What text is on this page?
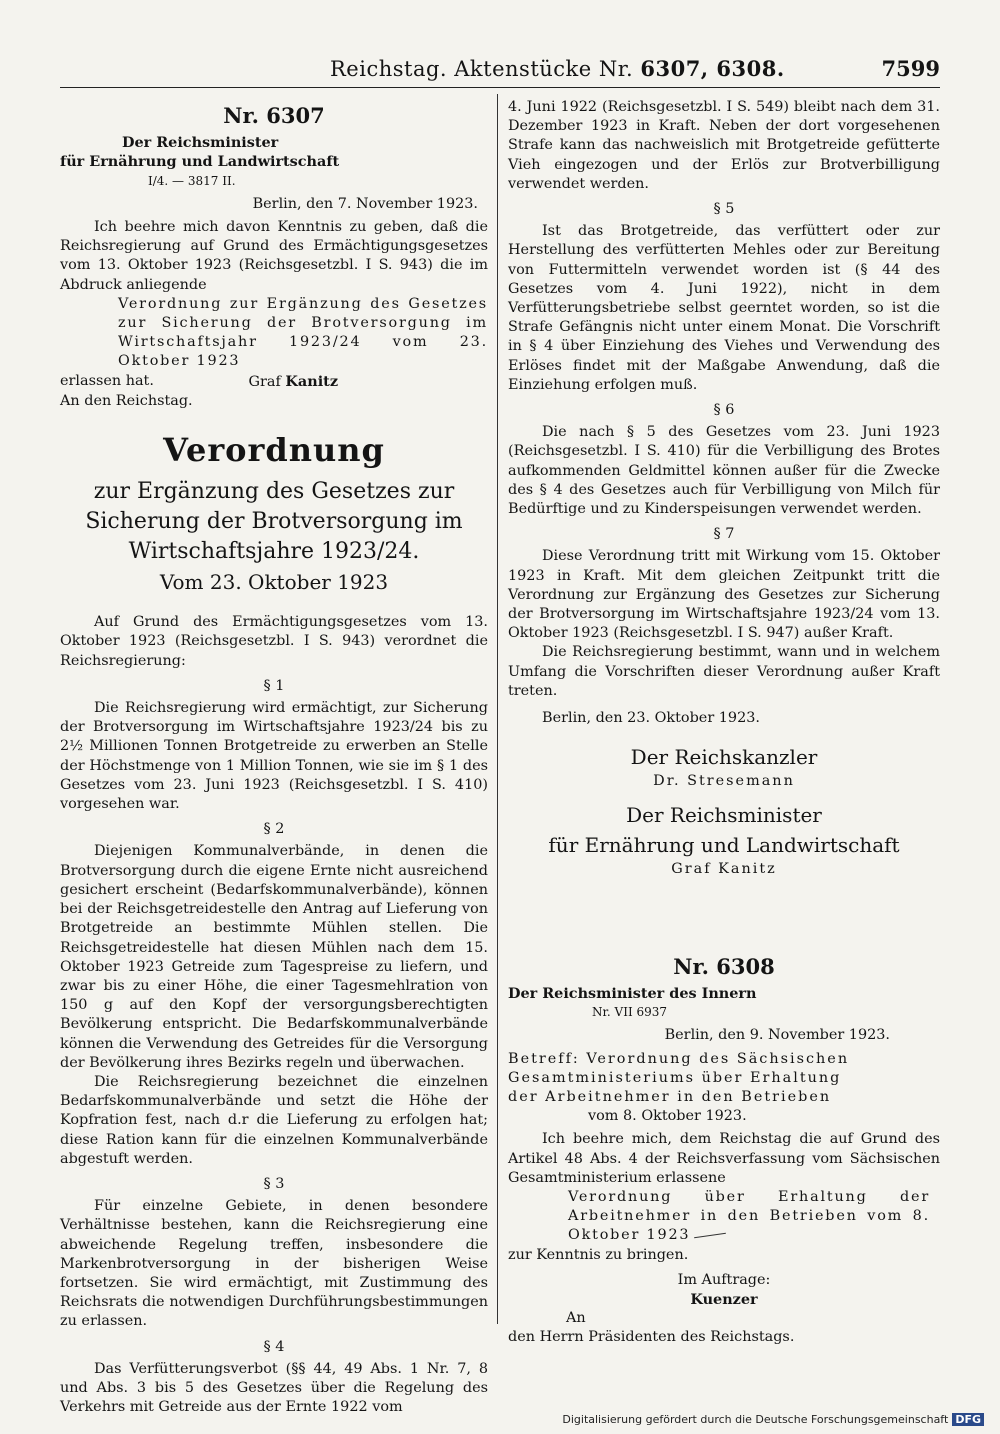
Reichstag. Aktenstücke Nr. 6307, 6308.	7599

Nr. 6307

Der Reichsminister

für Ernährung und Landwirtschaft

I/4. — 3817 II.

Berlin, den 7. November 1923.

Ich beehre mich davon Kenntnis zu geben, daß die Reichsregierung auf Grund des Ermächtigungsgesetzes vom 13. Oktober 1923 (Reichsgesetzbl. I S. 943) die im Abdruck anliegende

Verordnung zur Ergänzung des Gesetzes zur Sicherung der Brotversorgung im Wirtschaftsjahr 1923/24 vom 23. Oktober 1923

erlassen hat.	Graf Kanitz

An den Reichstag.

Verordnung

zur Ergänzung des Gesetzes zur Sicherung der Brotversorgung im Wirtschaftsjahre 1923/24.

Vom 23. Oktober 1923

Auf Grund des Ermächtigungsgesetzes vom 13. Oktober 1923 (Reichsgesetzbl. I S. 943) verordnet die Reichsregierung:

§ 1

Die Reichsregierung wird ermächtigt, zur Sicherung der Brotversorgung im Wirtschaftsjahre 1923/24 bis zu 2½ Millionen Tonnen Brotgetreide zu erwerben an Stelle der Höchstmenge von 1 Million Tonnen, wie sie im § 1 des Gesetzes vom 23. Juni 1923 (Reichsgesetzbl. I S. 410) vorgesehen war.

§ 2

Diejenigen Kommunalverbände, in denen die Brotversorgung durch die eigene Ernte nicht ausreichend gesichert erscheint (Bedarfskommunalverbände), können bei der Reichsgetreidestelle den Antrag auf Lieferung von Brotgetreide an bestimmte Mühlen stellen. Die Reichsgetreidestelle hat diesen Mühlen nach dem 15. Oktober 1923 Getreide zum Tagespreise zu liefern, und zwar bis zu einer Höhe, die einer Tagesmehlration von 150 g auf den Kopf der versorgungsberechtigten Bevölkerung entspricht. Die Bedarfskommunalverbände können die Verwendung des Getreides für die Versorgung der Bevölkerung ihres Bezirks regeln und überwachen.

Die Reichsregierung bezeichnet die einzelnen Bedarfskommunalverbände und setzt die Höhe der Kopfration fest, nach d.r die Lieferung zu erfolgen hat; diese Ration kann für die einzelnen Kommunalverbände abgestuft werden.

§ 3

Für einzelne Gebiete, in denen besondere Verhältnisse bestehen, kann die Reichsregierung eine abweichende Regelung treffen, insbesondere die Markenbrotversorgung in der bisherigen Weise fortsetzen. Sie wird ermächtigt, mit Zustimmung des Reichsrats die notwendigen Durchführungsbestimmungen zu erlassen.

§ 4

Das Verfütterungsverbot (§§ 44, 49 Abs. 1 Nr. 7, 8 und Abs. 3 bis 5 des Gesetzes über die Regelung des Verkehrs mit Getreide aus der Ernte 1922 vom

4. Juni 1922 (Reichsgesetzbl. I S. 549) bleibt nach dem 31. Dezember 1923 in Kraft. Neben der dort vorgesehenen Strafe kann das nachweislich mit Brotgetreide gefütterte Vieh eingezogen und der Erlös zur Brotverbilligung verwendet werden.

§ 5

Ist das Brotgetreide, das verfüttert oder zur Herstellung des verfütterten Mehles oder zur Bereitung von Futtermitteln verwendet worden ist (§ 44 des Gesetzes vom 4. Juni 1922), nicht in dem Verfütterungsbetriebe selbst geerntet worden, so ist die Strafe Gefängnis nicht unter einem Monat. Die Vorschrift in § 4 über Einziehung des Viehes und Verwendung des Erlöses findet mit der Maßgabe Anwendung, daß die Einziehung erfolgen muß.

§ 6

Die nach § 5 des Gesetzes vom 23. Juni 1923 (Reichsgesetzbl. I S. 410) für die Verbilligung des Brotes aufkommenden Geldmittel können außer für die Zwecke des § 4 des Gesetzes auch für Verbilligung von Milch für Bedürftige und zu Kinderspeisungen verwendet werden.

§ 7

Diese Verordnung tritt mit Wirkung vom 15. Oktober 1923 in Kraft. Mit dem gleichen Zeitpunkt tritt die Verordnung zur Ergänzung des Gesetzes zur Sicherung der Brotversorgung im Wirtschaftsjahre 1923/24 vom 13. Oktober 1923 (Reichsgesetzbl. I S. 947) außer Kraft.

Die Reichsregierung bestimmt, wann und in welchem Umfang die Vorschriften dieser Verordnung außer Kraft treten.

Berlin, den 23. Oktober 1923.

Der Reichskanzler

Dr. Stresemann

Der Reichsminister

für Ernährung und Landwirtschaft

Graf Kanitz

Nr. 6308

Der Reichsminister des Innern

Nr. VII 6937

Berlin, den 9. November 1923.

Betreff: Verordnung des Sächsischen

Gesamtministeriums über Erhaltung

der Arbeitnehmer in den Betrieben

vom 8. Oktober 1923.

Ich beehre mich, dem Reichstag die auf Grund des Artikel 48 Abs. 4 der Reichsverfassung vom Sächsischen Gesamtministerium erlassene

Verordnung über Erhaltung der Arbeitnehmer in den Betrieben vom 8. Oktober 1923

zur Kenntnis zu bringen.

Im Auftrage:

Kuenzer

An

den Herrn Präsidenten des Reichstags.

Digitalisierung gefördert durch die Deutsche Forschungsgemeinschaft DFG
